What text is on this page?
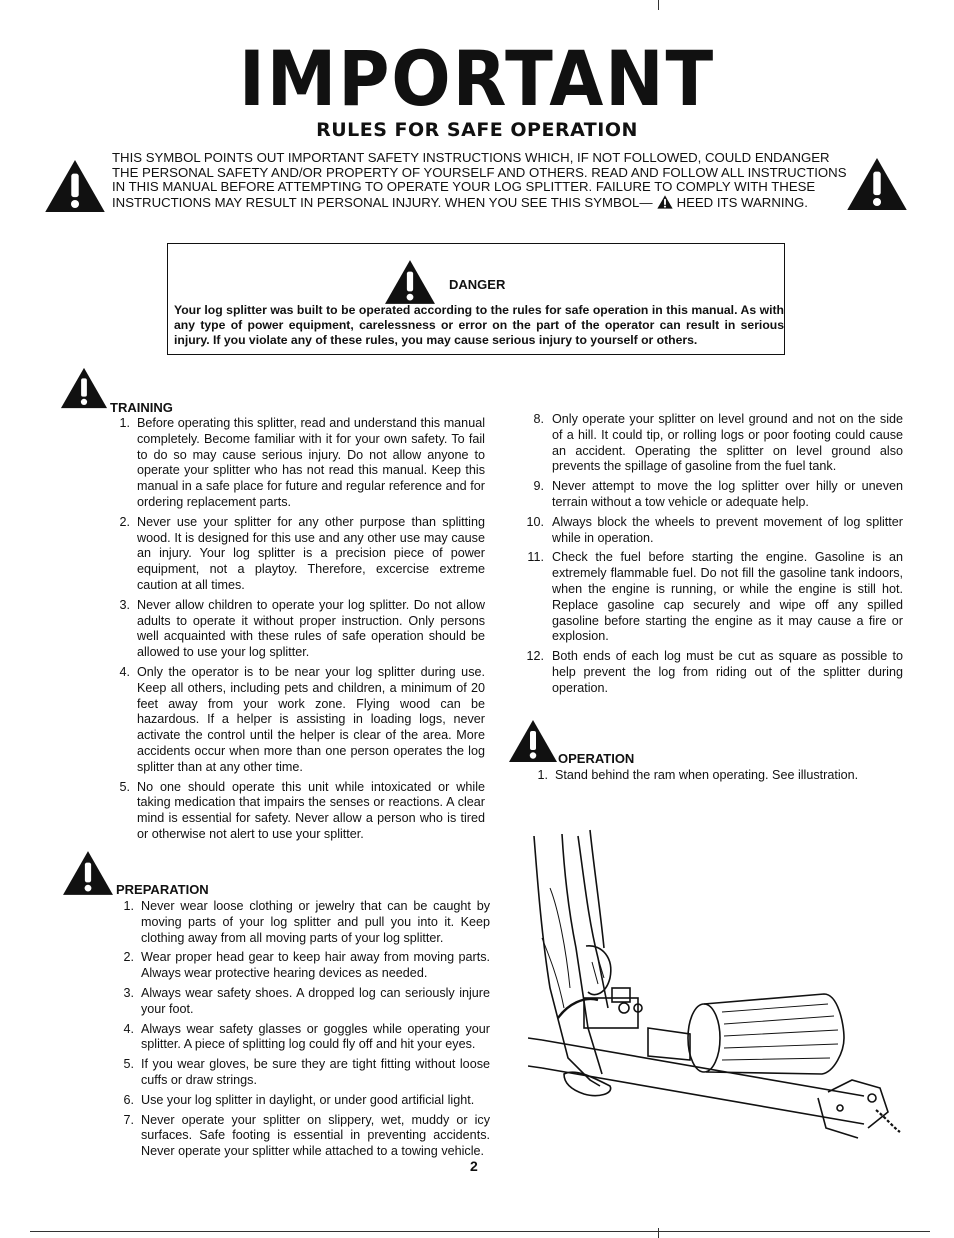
IMPORTANT
RULES FOR SAFE OPERATION
THIS SYMBOL POINTS OUT IMPORTANT SAFETY INSTRUCTIONS WHICH, IF NOT FOLLOWED, COULD ENDANGER THE PERSONAL SAFETY AND/OR PROPERTY OF YOURSELF AND OTHERS. READ AND FOLLOW ALL INSTRUCTIONS IN THIS MANUAL BEFORE ATTEMPTING TO OPERATE YOUR LOG SPLITTER. FAILURE TO COMPLY WITH THESE INSTRUCTIONS MAY RESULT IN PERSONAL INJURY. WHEN YOU SEE THIS SYMBOL— HEED ITS WARNING.
DANGER
Your log splitter was built to be operated according to the rules for safe operation in this manual. As with any type of power equipment, carelessness or error on the part of the operator can result in serious injury. If you violate any of these rules, you may cause serious injury to yourself or others.
TRAINING
1. Before operating this splitter, read and understand this manual completely. Become familiar with it for your own safety. To fail to do so may cause serious injury. Do not allow anyone to operate your splitter who has not read this manual. Keep this manual in a safe place for future and regular reference and for ordering replacement parts.
2. Never use your splitter for any other purpose than splitting wood. It is designed for this use and any other use may cause an injury. Your log splitter is a precision piece of power equipment, not a playtoy. Therefore, excercise extreme caution at all times.
3. Never allow children to operate your log splitter. Do not allow adults to operate it without proper instruction. Only persons well acquainted with these rules of safe operation should be allowed to use your log splitter.
4. Only the operator is to be near your log splitter during use. Keep all others, including pets and children, a minimum of 20 feet away from your work zone. Flying wood can be hazardous. If a helper is assisting in loading logs, never activate the control until the helper is clear of the area. More accidents occur when more than one person operates the log splitter than at any other time.
5. No one should operate this unit while intoxicated or while taking medication that impairs the senses or reactions. A clear mind is essential for safety. Never allow a person who is tired or otherwise not alert to use your splitter.
PREPARATION
1. Never wear loose clothing or jewelry that can be caught by moving parts of your log splitter and pull you into it. Keep clothing away from all moving parts of your log splitter.
2. Wear proper head gear to keep hair away from moving parts. Always wear protective hearing devices as needed.
3. Always wear safety shoes. A dropped log can seriously injure your foot.
4. Always wear safety glasses or goggles while operating your splitter. A piece of splitting log could fly off and hit your eyes.
5. If you wear gloves, be sure they are tight fitting without loose cuffs or draw strings.
6. Use your log splitter in daylight, or under good artificial light.
7. Never operate your splitter on slippery, wet, muddy or icy surfaces. Safe footing is essential in preventing accidents. Never operate your splitter while attached to a towing vehicle.
8. Only operate your splitter on level ground and not on the side of a hill. It could tip, or rolling logs or poor footing could cause an accident. Operating the splitter on level ground also prevents the spillage of gasoline from the fuel tank.
9. Never attempt to move the log splitter over hilly or uneven terrain without a tow vehicle or adequate help.
10. Always block the wheels to prevent movement of log splitter while in operation.
11. Check the fuel before starting the engine. Gasoline is an extremely flammable fuel. Do not fill the gasoline tank indoors, when the engine is running, or while the engine is still hot. Replace gasoline cap securely and wipe off any spilled gasoline before starting the engine as it may cause a fire or explosion.
12. Both ends of each log must be cut as square as possible to help prevent the log from riding out of the splitter during operation.
OPERATION
1. Stand behind the ram when operating. See illustration.
2
